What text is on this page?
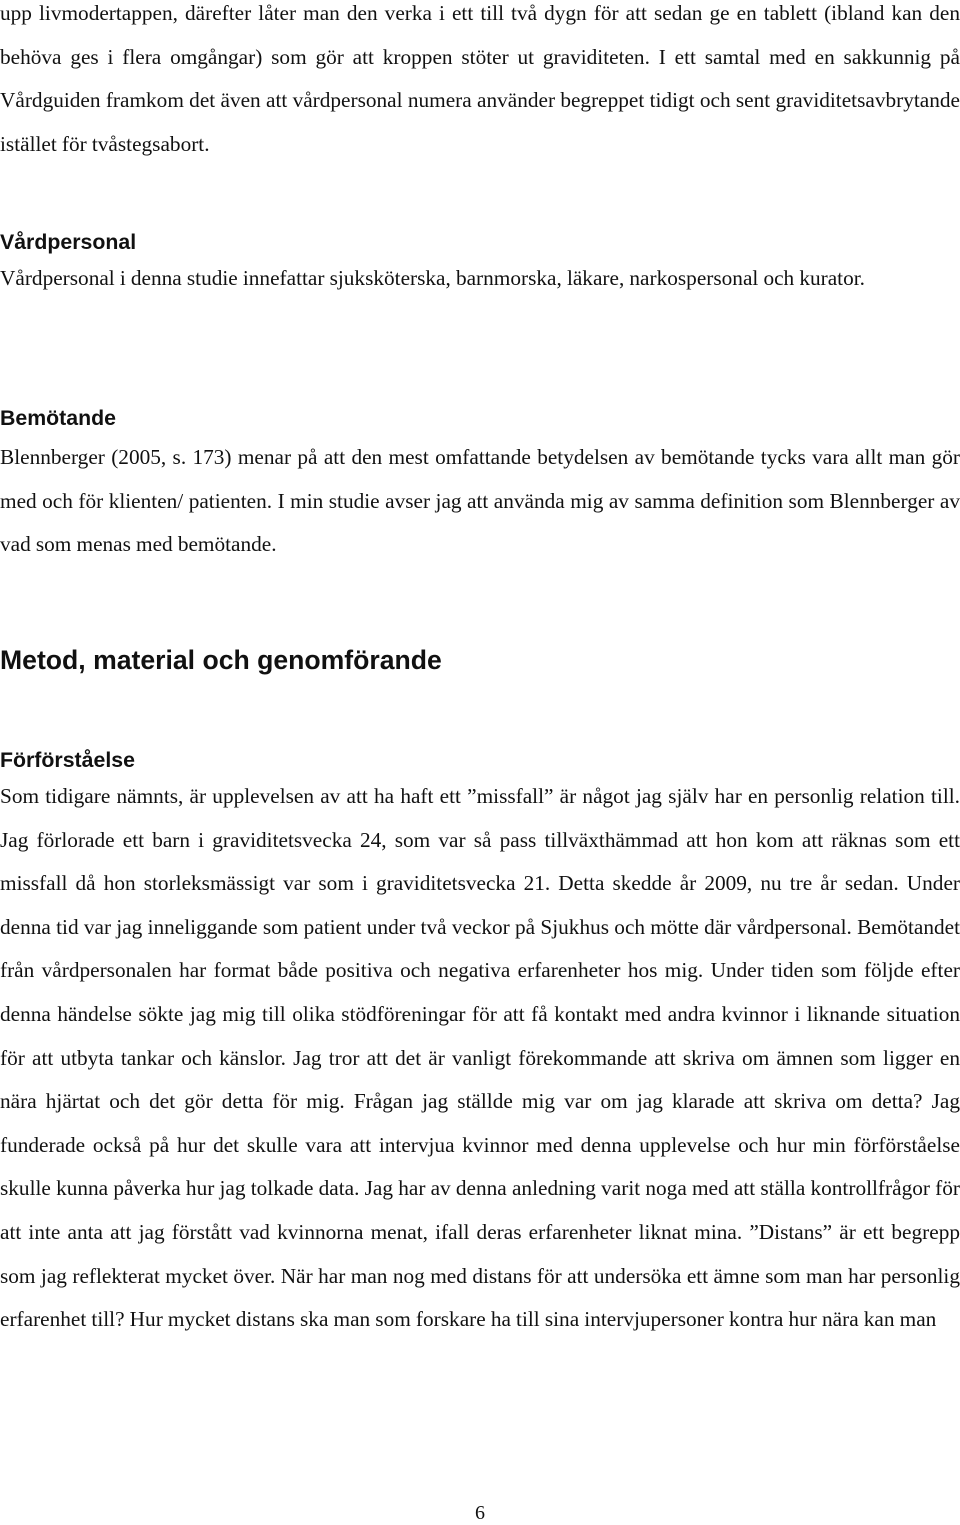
upp livmodertappen, därefter låter man den verka i ett till två dygn för att sedan ge en tablett (ibland kan den behöva ges i flera omgångar) som gör att kroppen stöter ut graviditeten. I ett samtal med en sakkunnig på Vårdguiden framkom det även att vårdpersonal numera använder begreppet tidigt och sent graviditetsavbrytande istället för tvåstegsabort.

Vårdpersonal

Vårdpersonal i denna studie innefattar sjuksköterska, barnmorska, läkare, narkospersonal och kurator.

Bemötande

Blennberger (2005, s. 173) menar på att den mest omfattande betydelsen av bemötande tycks vara allt man gör med och för klienten/ patienten. I min studie avser jag att använda mig av samma definition som Blennberger av vad som menas med bemötande.

Metod, material och genomförande
Förförståelse

Som tidigare nämnts, är upplevelsen av att ha haft ett ”missfall” är något jag själv har en personlig relation till. Jag förlorade ett barn i graviditetsvecka 24, som var så pass tillväxthämmad att hon kom att räknas som ett missfall då hon storleksmässigt var som i graviditetsvecka 21. Detta skedde år 2009, nu tre år sedan. Under denna tid var jag inneliggande som patient under två veckor på Sjukhus och mötte där vårdpersonal. Bemötandet från vårdpersonalen har format både positiva och negativa erfarenheter hos mig. Under tiden som följde efter denna händelse sökte jag mig till olika stödföreningar för att få kontakt med andra kvinnor i liknande situation för att utbyta tankar och känslor. Jag tror att det är vanligt förekommande att skriva om ämnen som ligger en nära hjärtat och det gör detta för mig. Frågan jag ställde mig var om jag klarade att skriva om detta? Jag funderade också på hur det skulle vara att intervjua kvinnor med denna upplevelse och hur min förförståelse skulle kunna påverka hur jag tolkade data. Jag har av denna anledning varit noga med att ställa kontrollfrågor för att inte anta att jag förstått vad kvinnorna menat, ifall deras erfarenheter liknat mina. ”Distans” är ett begrepp som jag reflekterat mycket över. När har man nog med distans för att undersöka ett ämne som man har personlig erfarenhet till? Hur mycket distans ska man som forskare ha till sina intervjupersoner kontra hur nära kan man

6
